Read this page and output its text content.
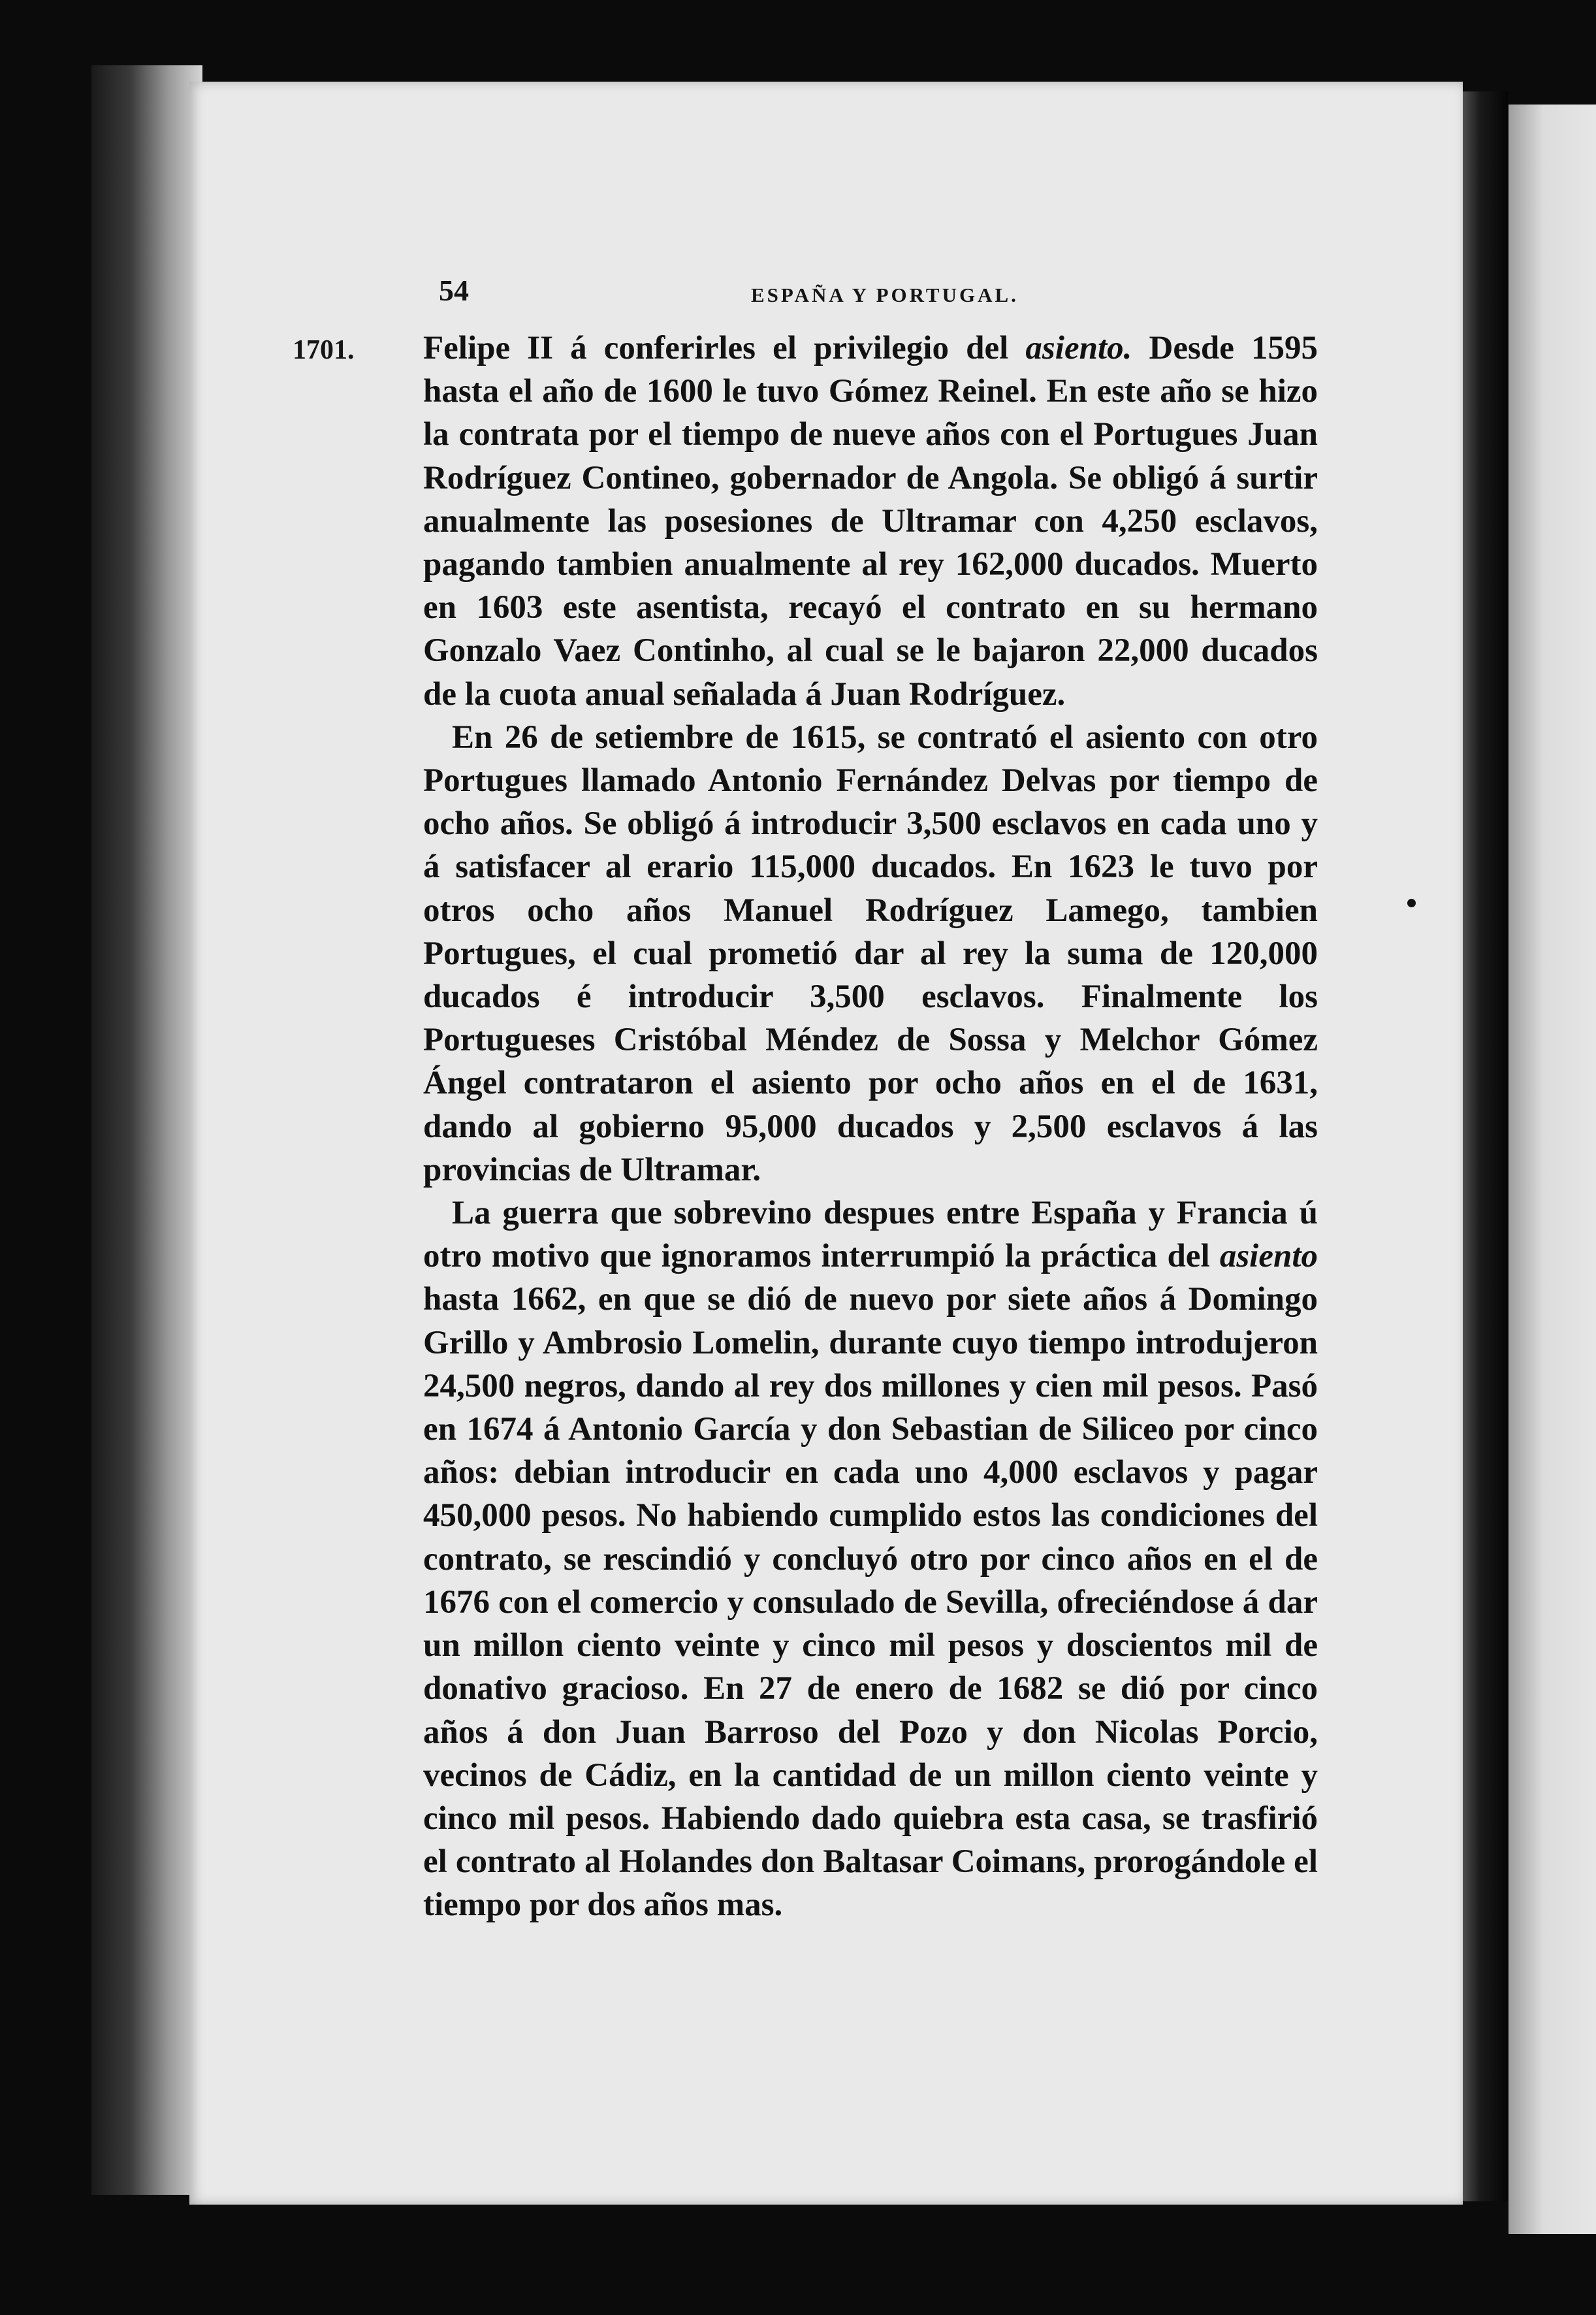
54	ESPAÑA Y PORTUGAL.
1701. Felipe II á conferirles el privilegio del asiento. Desde 1595 hasta el año de 1600 le tuvo Gómez Reinel. En este año se hizo la contrata por el tiempo de nueve años con el Portugues Juan Rodríguez Contineo, gobernador de Angola. Se obligó á surtir anualmente las posesiones de Ultramar con 4,250 esclavos, pagando tambien anualmente al rey 162,000 ducados. Muerto en 1603 este asentista, recayó el contrato en su hermano Gonzalo Vaez Continho, al cual se le bajaron 22,000 ducados de la cuota anual señalada á Juan Rodríguez.

En 26 de setiembre de 1615, se contrató el asiento con otro Portugues llamado Antonio Fernández Delvas por tiempo de ocho años. Se obligó á introducir 3,500 esclavos en cada uno y á satisfacer al erario 115,000 ducados. En 1623 le tuvo por otros ocho años Manuel Rodríguez Lamego, tambien Portugues, el cual prometió dar al rey la suma de 120,000 ducados é introducir 3,500 esclavos. Finalmente los Portugueses Cristóbal Méndez de Sossa y Melchor Gómez Ángel contrataron el asiento por ocho años en el de 1631, dando al gobierno 95,000 ducados y 2,500 esclavos á las provincias de Ultramar.

La guerra que sobrevino despues entre España y Francia ú otro motivo que ignoramos interrumpió la práctica del asiento hasta 1662, en que se dió de nuevo por siete años á Domingo Grillo y Ambrosio Lomelin, durante cuyo tiempo introdujeron 24,500 negros, dando al rey dos millones y cien mil pesos. Pasó en 1674 á Antonio García y don Sebastian de Siliceo por cinco años: debian introducir en cada uno 4,000 esclavos y pagar 450,000 pesos. No habiendo cumplido estos las condiciones del contrato, se rescindió y concluyó otro por cinco años en el de 1676 con el comercio y consulado de Sevilla, ofreciéndose á dar un millon ciento veinte y cinco mil pesos y doscientos mil de donativo gracioso. En 27 de enero de 1682 se dió por cinco años á don Juan Barroso del Pozo y don Nicolas Porcio, vecinos de Cádiz, en la cantidad de un millon ciento veinte y cinco mil pesos. Habiendo dado quiebra esta casa, se trasfirió el contrato al Holandes don Baltasar Coimans, prorogándole el tiempo por dos años mas.
